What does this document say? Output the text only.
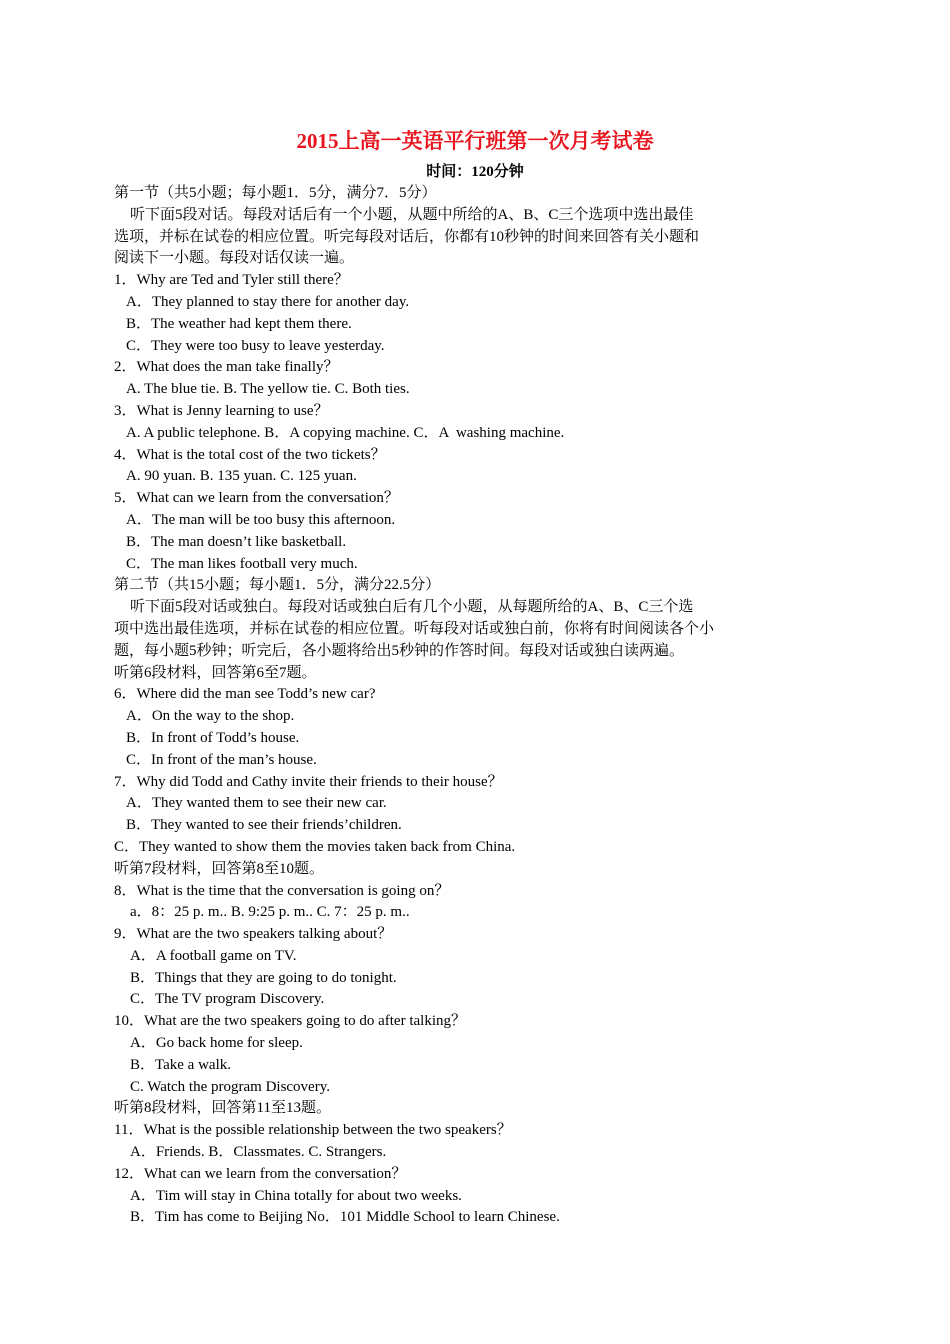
2015上高一英语平行班第一次月考试卷
时间：120分钟
第一节（共5小题；每小题1．5分，满分7．5分）
听下面5段对话。每段对话后有一个小题，从题中所给的A、B、C三个选项中选出最佳
选项，并标在试卷的相应位置。听完每段对话后，你都有10秒钟的时间来回答有关小题和
阅读下一小题。每段对话仅读一遍。
1．Why are Ted and Tyler still there？
A．They planned to stay there for another day.
B．The weather had kept them there.
C．They were too busy to leave yesterday.
2．What does the man take finally？
A. The blue tie. B. The yellow tie. C. Both ties.
3．What is Jenny learning to use？
A. A public telephone. B．A copying machine. C．A  washing machine.
4．What is the total cost of the two tickets？
A. 90 yuan. B. 135 yuan. C. 125 yuan.
5．What can we learn from the conversation？
A．The man will be too busy this afternoon.
B．The man doesn’t like basketball.
C．The man likes football very much.
第二节（共15小题；每小题1．5分，满分22.5分）
听下面5段对话或独白。每段对话或独白后有几个小题，从每题所给的A、B、C三个选
项中选出最佳选项，并标在试卷的相应位置。听每段对话或独白前，你将有时间阅读各个小
题，每小题5秒钟；听完后，各小题将给出5秒钟的作答时间。每段对话或独白读两遍。
听第6段材料，回答第6至7题。
6．Where did the man see Todd’s new car?
A．On the way to the shop.
B．In front of Todd’s house.
C．In front of the man’s house.
7．Why did Todd and Cathy invite their friends to their house？
A．They wanted them to see their new car.
B．They wanted to see their friends’children.
C．They wanted to show them the movies taken back from China.
听第7段材料，回答第8至10题。
8．What is the time that the conversation is going on？
a．8：25 p. m.. B. 9:25 p. m.. C. 7：25 p. m..
9．What are the two speakers talking about？
A．A football game on TV.
B．Things that they are going to do tonight.
C．The TV program Discovery.
10．What are the two speakers going to do after talking？
A．Go back home for sleep.
B．Take a walk.
C. Watch the program Discovery.
听第8段材料，回答第11至13题。
11．What is the possible relationship between the two speakers？
A．Friends. B．Classmates. C. Strangers.
12．What can we learn from the conversation？
A．Tim will stay in China totally for about two weeks.
B．Tim has come to Beijing No．101 Middle School to learn Chinese.
